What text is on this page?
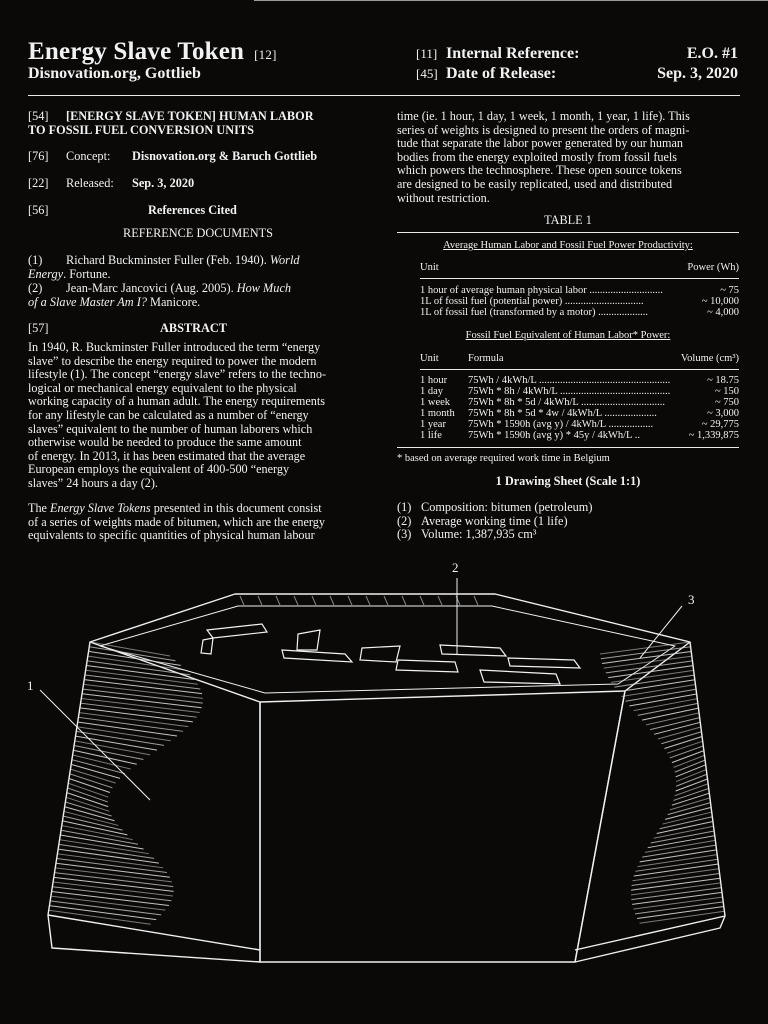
Energy Slave Token [12]
Disnovation.org, Gottlieb
[11] Internal Reference:	E.O. #1
[45] Date of Release:	Sep. 3, 2020
[54] [ENERGY SLAVE TOKEN] HUMAN LABOR
TO FOSSIL FUEL CONVERSION UNITS
[76] Concept: Disnovation.org & Baruch Gottlieb
[22] Released: Sep. 3, 2020
[56]	References Cited
REFERENCE DOCUMENTS
(1) Richard Buckminster Fuller (Feb. 1940). World
Energy. Fortune.
(2) Jean-Marc Jancovici (Aug. 2005). How Much
of a Slave Master Am I? Manicore.
[57]	ABSTRACT
In 1940, R. Buckminster Fuller introduced the term “energy
slave” to describe the energy required to power the modern
lifestyle (1). The concept “energy slave” refers to the techno-
logical or mechanical energy equivalent to the physical
working capacity of a human adult. The energy requirements
for any lifestyle can be calculated as a number of “energy
slaves” equivalent to the number of human laborers which
otherwise would be needed to produce the same amount
of energy. In 2013, it has been estimated that the average
European employs the equivalent of 400-500 “energy
slaves” 24 hours a day (2).
The Energy Slave Tokens presented in this document consist
of a series of weights made of bitumen, which are the energy
equivalents to specific quantities of physical human labour
time (ie. 1 hour, 1 day, 1 week, 1 month, 1 year, 1 life). This
series of weights is designed to present the orders of magni-
tude that separate the labor power generated by our human
bodies from the energy exploited mostly from fossil fuels
which powers the technosphere. These open source tokens
are designed to be easily replicated, used and distributed
without restriction.
TABLE 1
Average Human Labor and Fossil Fuel Power Productivity:
Unit	Power (Wh)
1 hour of average human physical labor ............................	~ 75
1L of fossil fuel (potential power) ..............................	~ 10,000
1L of fossil fuel (transformed by a motor) ...................	~ 4,000
Fossil Fuel Equivalent of Human Labor* Power:
Unit	Formula	Volume (cm³)
1 hour 75Wh / 4kWh/L ..................................................	~ 18.75
1 day 75Wh * 8h / 4kWh/L ..........................................	~ 150
1 week 75Wh * 8h * 5d / 4kWh/L ................................	~ 750
1 month 75Wh * 8h * 5d * 4w / 4kWh/L ....................	~ 3,000
1 year 75Wh * 1590h (avg y) / 4kWh/L .................	~ 29,775
1 life 75Wh * 1590h (avg y) * 45y / 4kWh/L ..	~ 1,339,875
* based on average required work time in Belgium
1 Drawing Sheet (Scale 1:1)
(1) Composition: bitumen (petroleum)
(2) Average working time (1 life)
(3) Volume: 1,387,935 cm³
1
2
3
